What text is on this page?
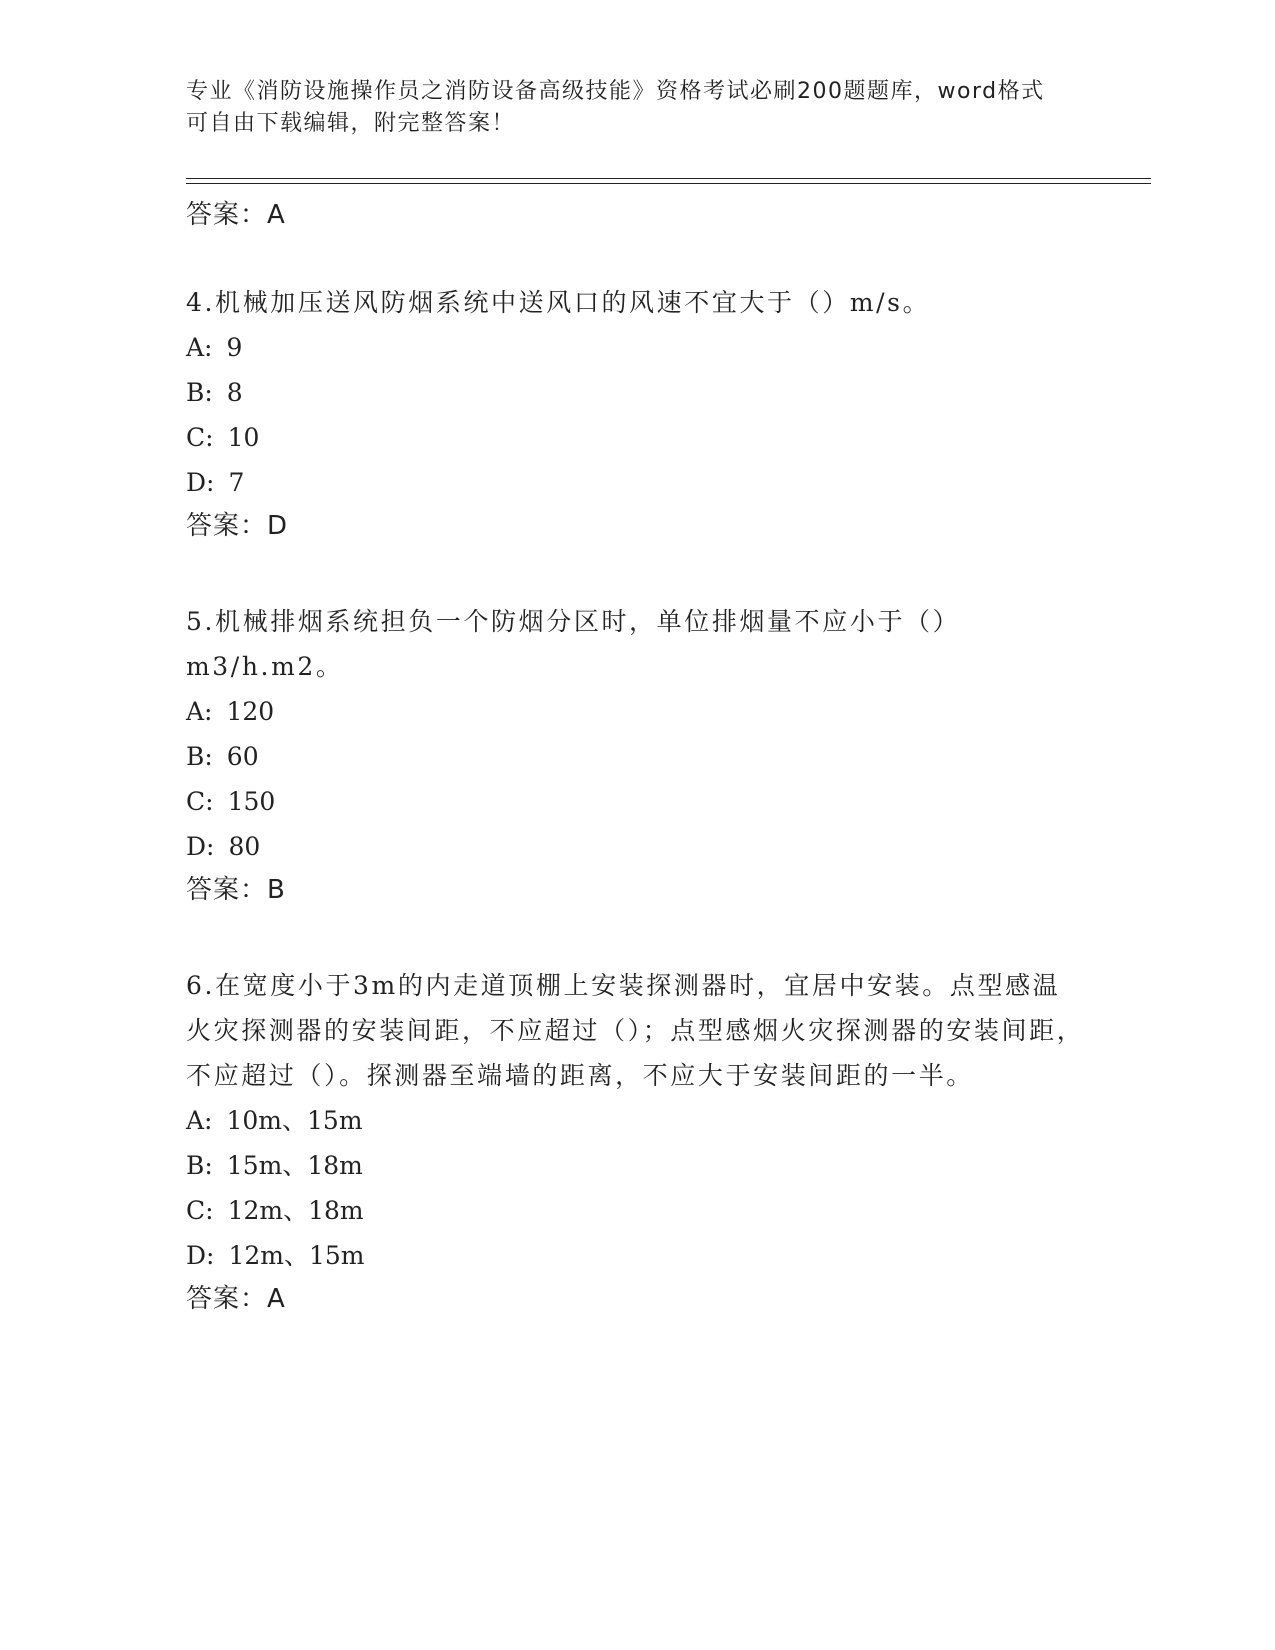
专业《消防设施操作员之消防设备高级技能》资格考试必刷200题题库，word格式可自由下载编辑，附完整答案！
答案：A
4.机械加压送风防烟系统中送风口的风速不宜大于（）m/s。
A: 9
B: 8
C: 10
D: 7
答案：D
5.机械排烟系统担负一个防烟分区时，单位排烟量不应小于（）m3/h.m2。
A: 120
B: 60
C: 150
D: 80
答案：B
6.在宽度小于3m的内走道顶棚上安装探测器时，宜居中安装。点型感温火灾探测器的安装间距，不应超过（）；点型感烟火灾探测器的安装间距，不应超过（）。探测器至端墙的距离，不应大于安装间距的一半。
A: 10m、15m
B: 15m、18m
C: 12m、18m
D: 12m、15m
答案：A
